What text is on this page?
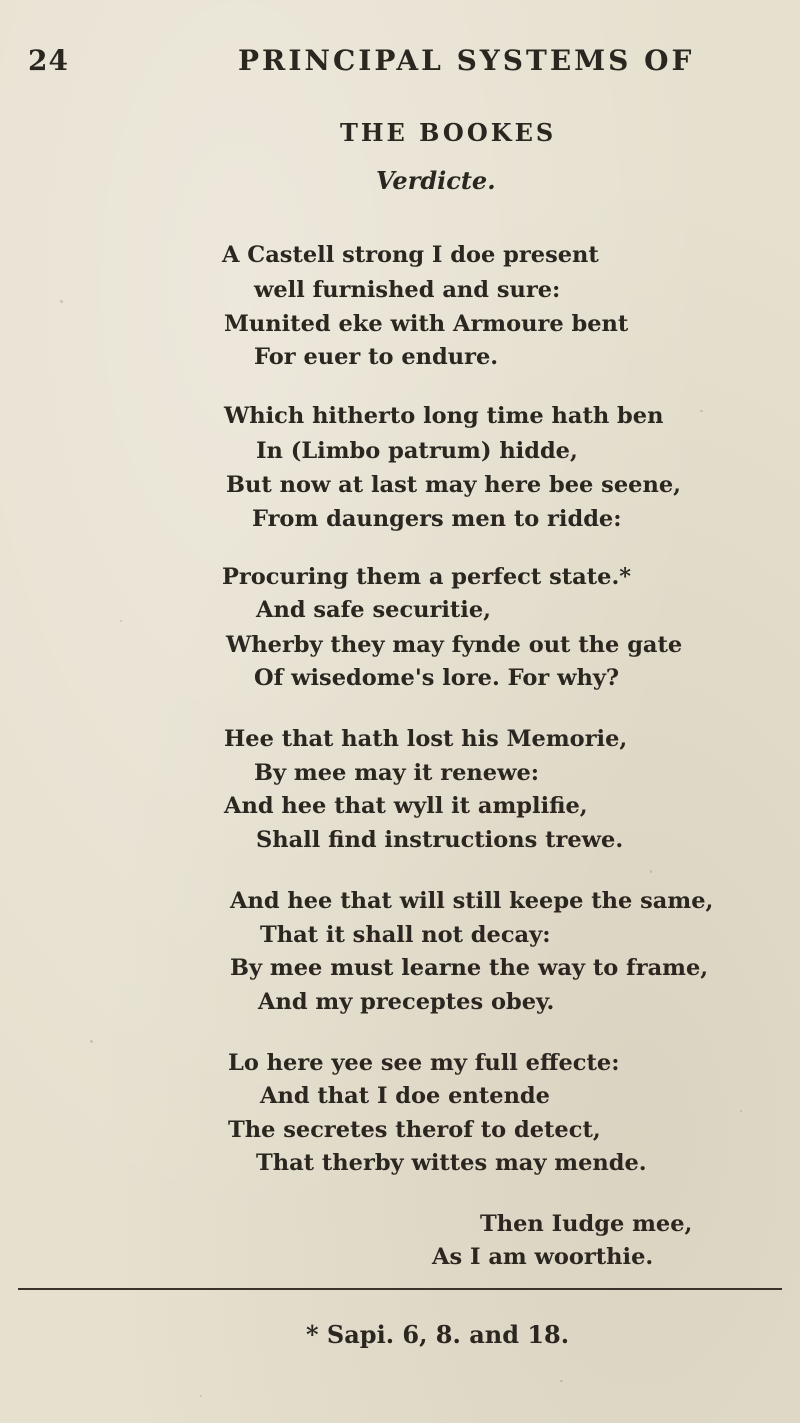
24	PRINCIPAL SYSTEMS OF
THE BOOKES
Verdicte.
A Castell strong I doe present
well furnished and sure:
Munited eke with Armoure bent
For euer to endure.
Which hitherto long time hath ben
In (Limbo patrum) hidde,
But now at last may here bee seene,
From daungers men to ridde:
Procuring them a perfect state.*
And safe securitie,
Wherby they may fynde out the gate
Of wisedome's lore. For why?
Hee that hath lost his Memorie,
By mee may it renewe:
And hee that wyll it amplifie,
Shall find instructions trewe.
And hee that will still keepe the same,
That it shall not decay:
By mee must learne the way to frame,
And my preceptes obey.
Lo here yee see my full effecte:
And that I doe entende
The secretes therof to detect,
That therby wittes may mende.
Then Iudge mee,
As I am woorthie.
* Sapi. 6, 8. and 18.
